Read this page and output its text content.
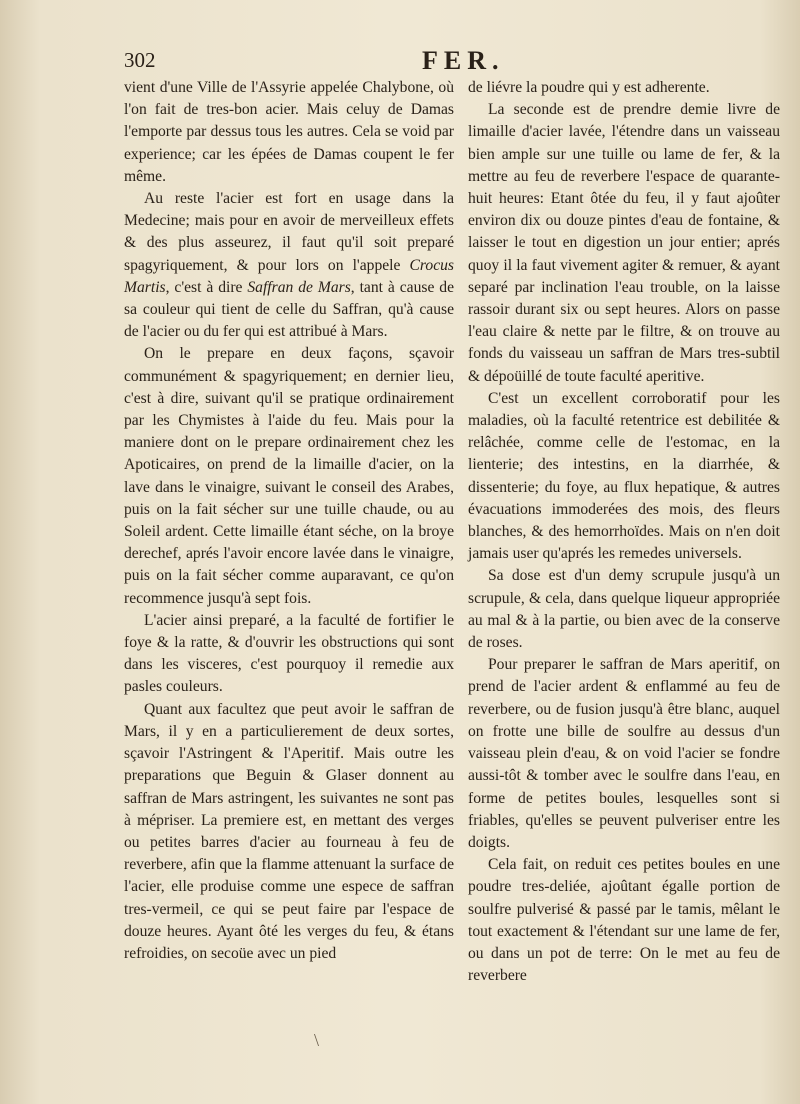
302	FER.

vient d'une Ville de l'Assyrie appelée Chalybone, où l'on fait de tres-bon acier. Mais celuy de Damas l'emporte par dessus tous les autres. Cela se void par experience; car les épées de Damas coupent le fer même.

Au reste l'acier est fort en usage dans la Medecine; mais pour en avoir de merveilleux effets & des plus asseurez, il faut qu'il soit preparé spagyriquement, & pour lors on l'appele Crocus Martis, c'est à dire Saffran de Mars, tant à cause de sa couleur qui tient de celle du Saffran, qu'à cause de l'acier ou du fer qui est attribué à Mars.

On le prepare en deux façons, sçavoir communément & spagyriquement; en dernier lieu, c'est à dire, suivant qu'il se pratique ordinairement par les Chymistes à l'aide du feu. Mais pour la maniere dont on le prepare ordinairement chez les Apoticaires, on prend de la limaille d'acier, on la lave dans le vinaigre, suivant le conseil des Arabes, puis on la fait sécher sur une tuille chaude, ou au Soleil ardent. Cette limaille étant séche, on la broye derechef, aprés l'avoir encore lavée dans le vinaigre, puis on la fait sécher comme auparavant, ce qu'on recommence jusqu'à sept fois.

L'acier ainsi preparé, a la faculté de fortifier le foye & la ratte, & d'ouvrir les obstructions qui sont dans les visceres, c'est pourquoy il remedie aux pasles couleurs.

Quant aux facultez que peut avoir le saffran de Mars, il y en a particulierement de deux sortes, sçavoir l'Astringent & l'Aperitif. Mais outre les preparations que Beguin & Glaser donnent au saffran de Mars astringent, les suivantes ne sont pas à mépriser. La premiere est, en mettant des verges ou petites barres d'acier au fourneau à feu de reverbere, afin que la flamme attenuant la surface de l'acier, elle produise comme une espece de saffran tres-vermeil, ce qui se peut faire par l'espace de douze heures. Ayant ôté les verges du feu, & étans refroidies, on secoüe avec un pied

de liévre la poudre qui y est adherente.

La seconde est de prendre demie livre de limaille d'acier lavée, l'étendre dans un vaisseau bien ample sur une tuille ou lame de fer, & la mettre au feu de reverbere l'espace de quarante-huit heures: Etant ôtée du feu, il y faut ajoûter environ dix ou douze pintes d'eau de fontaine, & laisser le tout en digestion un jour entier; aprés quoy il la faut vivement agiter & remuer, & ayant separé par inclination l'eau trouble, on la laisse rassoir durant six ou sept heures. Alors on passe l'eau claire & nette par le filtre, & on trouve au fonds du vaisseau un saffran de Mars tres-subtil & dépoüillé de toute faculté aperitive.

C'est un excellent corroboratif pour les maladies, où la faculté retentrice est debilitée & relâchée, comme celle de l'estomac, en la lienterie; des intestins, en la diarrhée, & dissenterie; du foye, au flux hepatique, & autres évacuations immoderées des mois, des fleurs blanches, & des hemorrhoïdes. Mais on n'en doit jamais user qu'aprés les remedes universels.

Sa dose est d'un demy scrupule jusqu'à un scrupule, & cela, dans quelque liqueur appropriée au mal & à la partie, ou bien avec de la conserve de roses.

Pour preparer le saffran de Mars aperitif, on prend de l'acier ardent & enflammé au feu de reverbere, ou de fusion jusqu'à être blanc, auquel on frotte une bille de soulfre au dessus d'un vaisseau plein d'eau, & on void l'acier se fondre aussi-tôt & tomber avec le soulfre dans l'eau, en forme de petites boules, lesquelles sont si friables, qu'elles se peuvent pulveriser entre les doigts.

Cela fait, on reduit ces petites boules en une poudre tres-deliée, ajoûtant égalle portion de soulfre pulverisé & passé par le tamis, mêlant le tout exactement & l'étendant sur une lame de fer, ou dans un pot de terre: On le met au feu de reverbere

\
